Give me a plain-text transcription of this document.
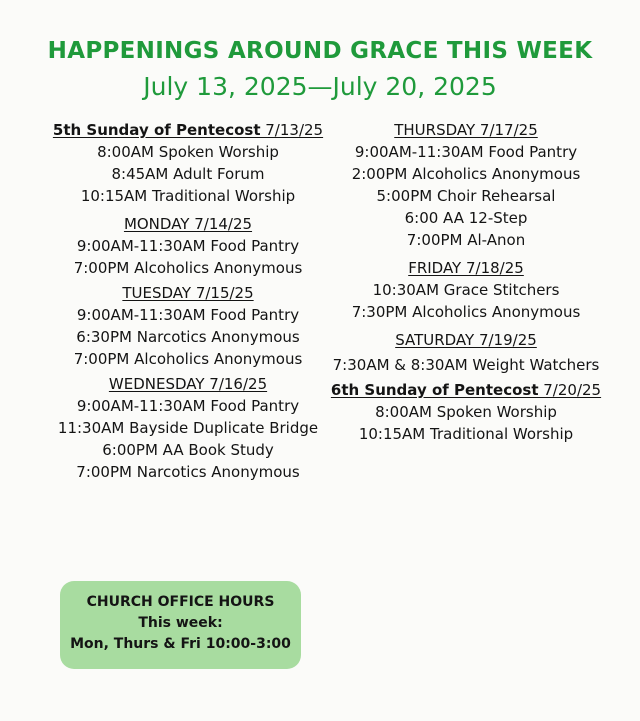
HAPPENINGS AROUND GRACE THIS WEEK
July 13, 2025—July 20, 2025
5th Sunday of Pentecost 7/13/25
8:00AM Spoken Worship
8:45AM Adult Forum
10:15AM Traditional Worship
MONDAY 7/14/25
9:00AM-11:30AM Food Pantry
7:00PM Alcoholics Anonymous
TUESDAY 7/15/25
9:00AM-11:30AM Food Pantry
6:30PM Narcotics Anonymous
7:00PM Alcoholics Anonymous
WEDNESDAY 7/16/25
9:00AM-11:30AM Food Pantry
11:30AM Bayside Duplicate Bridge
6:00PM AA Book Study
7:00PM Narcotics Anonymous
THURSDAY 7/17/25
9:00AM-11:30AM Food Pantry
2:00PM Alcoholics Anonymous
5:00PM Choir Rehearsal
6:00 AA 12-Step
7:00PM Al-Anon
FRIDAY 7/18/25
10:30AM Grace Stitchers
7:30PM Alcoholics Anonymous
SATURDAY 7/19/25
7:30AM & 8:30AM Weight Watchers
6th Sunday of Pentecost 7/20/25
8:00AM Spoken Worship
10:15AM Traditional Worship
CHURCH OFFICE HOURS
This week:
Mon, Thurs & Fri 10:00-3:00
